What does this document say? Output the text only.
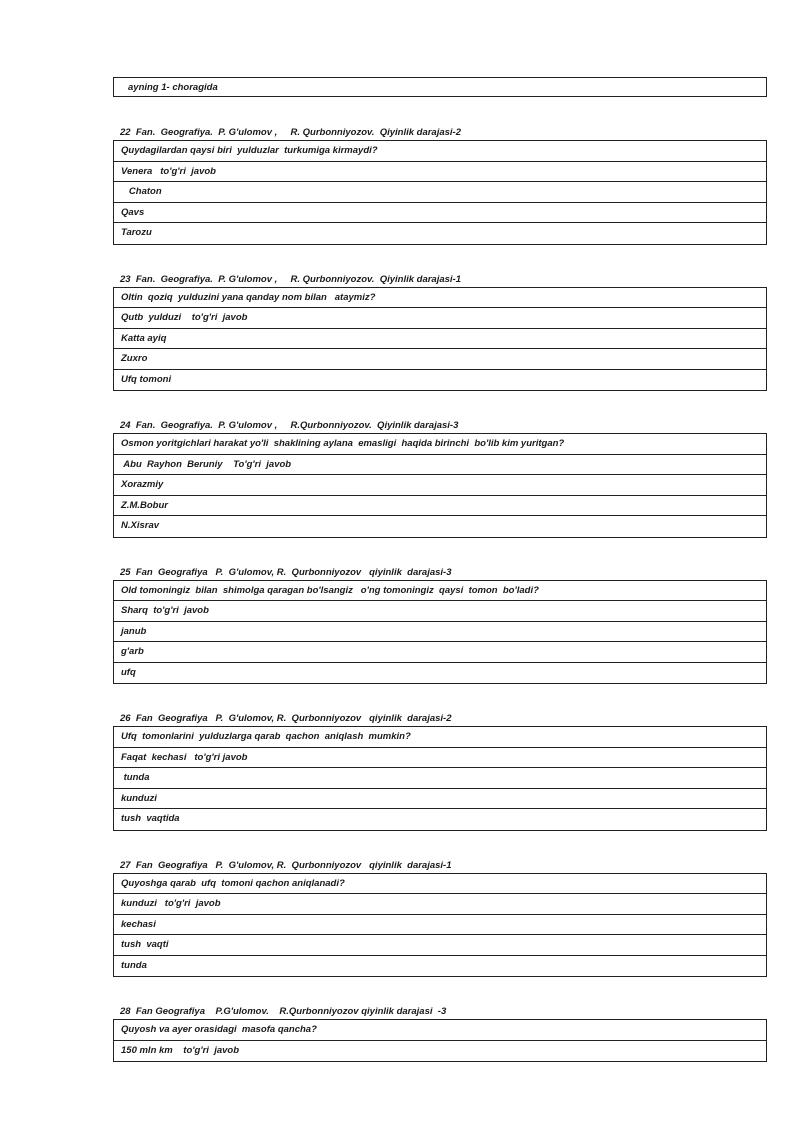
ayning 1- choragida
22  Fan.  Geografiya.  P. G'ulomov ,     R. Qurbonniyozov.  Qiyinlik darajasi-2
Quydagilardan qaysi biri  yulduzlar  turkumiga kirmaydi?
Venera   to'g'ri  javob
Chaton
Qavs
Tarozu
23  Fan.  Geografiya.  P. G'ulomov ,     R. Qurbonniyozov.  Qiyinlik darajasi-1
Oltin  qoziq  yulduzini yana qanday nom bilan   ataymiz?
Qutb  yulduzi    to'g'ri  javob
Katta ayiq
Zuxro
Ufq tomoni
24  Fan.  Geografiya.  P. G'ulomov ,     R.Qurbonniyozov.  Qiyinlik darajasi-3
Osmon yoritgichlari harakat yo'li  shaklining aylana  emasligi  haqida birinchi  bo'lib kim yuritgan?
Abu  Rayhon  Beruniy    To'g'ri  javob
Xorazmiy
Z.M.Bobur
N.Xisrav
25  Fan  Geografiya   P.  G'ulomov, R.  Qurbonniyozov   qiyinlik  darajasi-3
Old tomoningiz  bilan  shimolga qaragan bo'lsangiz   o'ng tomoningiz  qaysi  tomon  bo'ladi?
Sharq  to'g'ri  javob
janub
g'arb
ufq
26  Fan  Geografiya   P.  G'ulomov, R.  Qurbonniyozov   qiyinlik  darajasi-2
Ufq  tomonlarini  yulduzlarga qarab  qachon  aniqlash  mumkin?
Faqat  kechasi   to'g'ri javob
tunda
kunduzi
tush  vaqtida
27  Fan  Geografiya   P.  G'ulomov, R.  Qurbonniyozov   qiyinlik  darajasi-1
Quyoshga qarab  ufq  tomoni qachon aniqlanadi?
kunduzi   to'g'ri  javob
kechasi
tush  vaqti
tunda
28  Fan Geografiya    P.G'ulomov.    R.Qurbonniyozov qiyinlik darajasi  -3
Quyosh va ayer orasidagi  masofa qancha?
150 mln km    to'g'ri  javob
